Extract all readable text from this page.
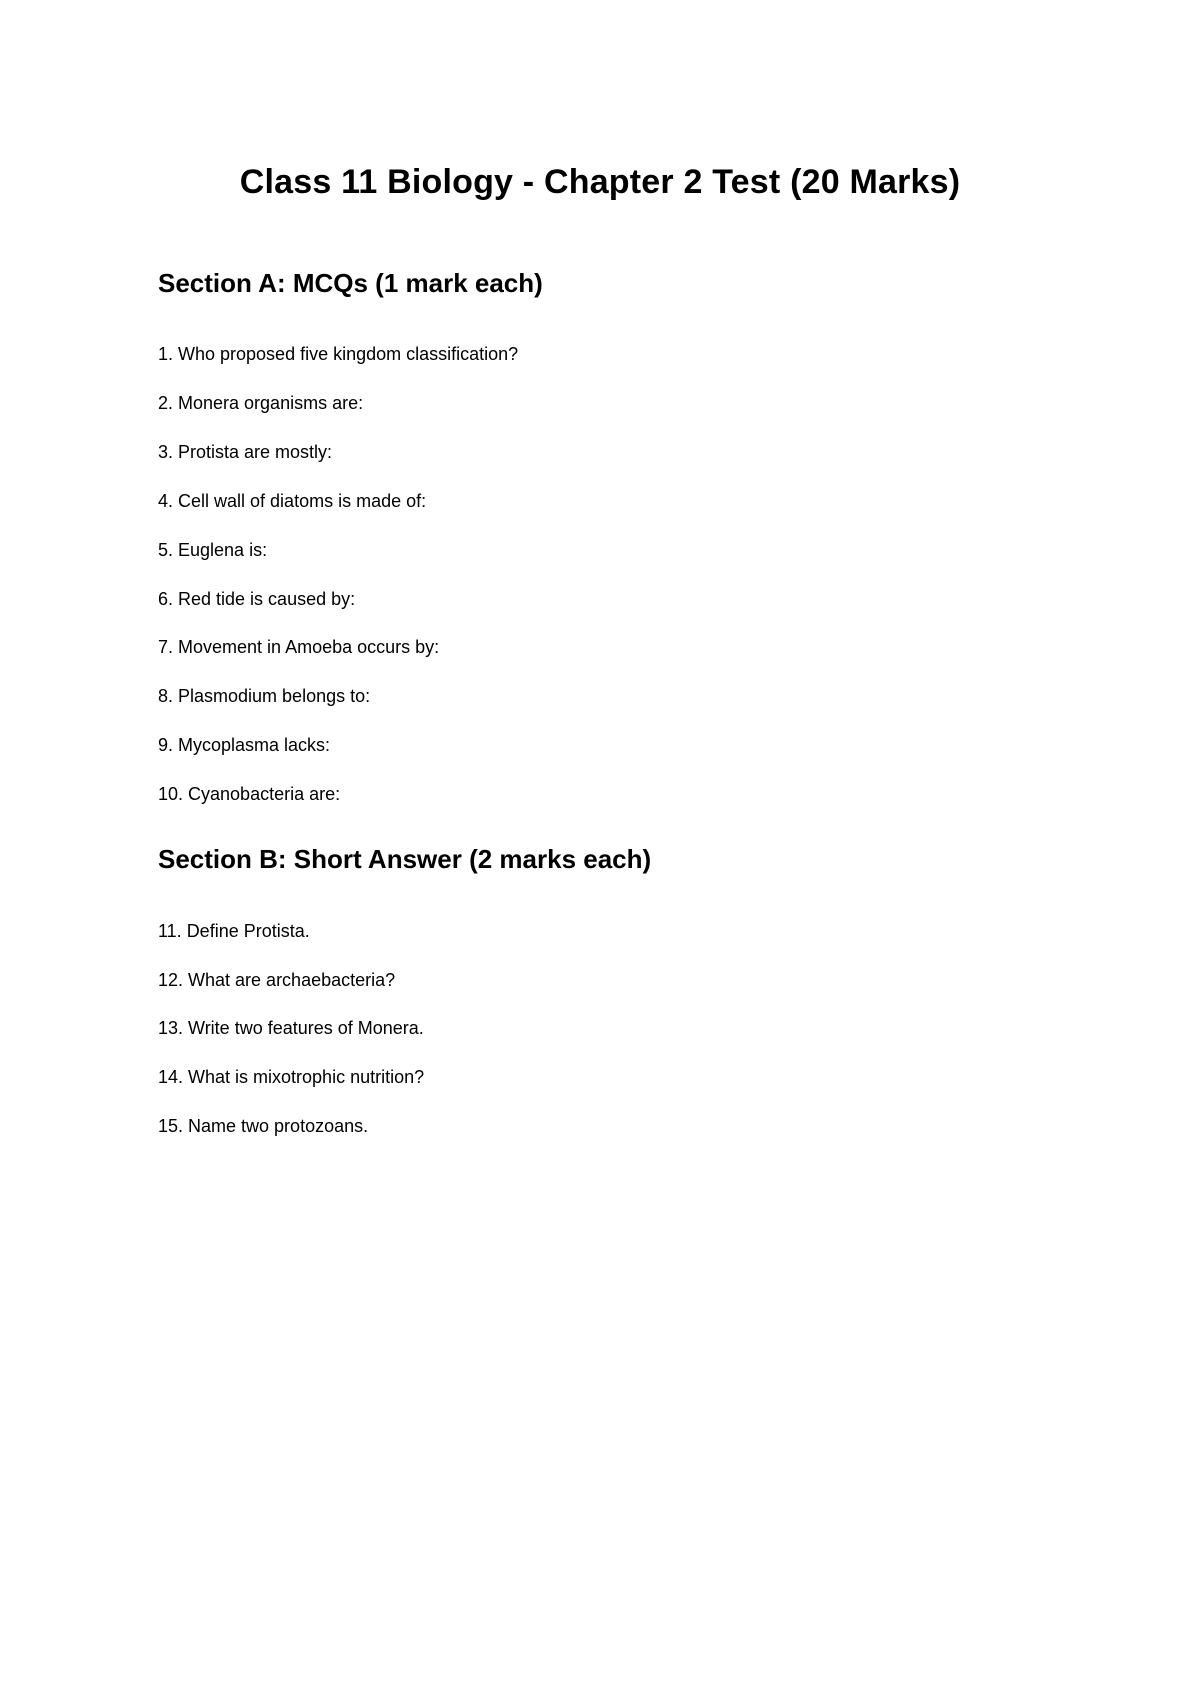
Class 11 Biology - Chapter 2 Test (20 Marks)
Section A: MCQs (1 mark each)

1. Who proposed five kingdom classification?

2. Monera organisms are:

3. Protista are mostly:

4. Cell wall of diatoms is made of:

5. Euglena is:

6. Red tide is caused by:

7. Movement in Amoeba occurs by:

8. Plasmodium belongs to:

9. Mycoplasma lacks:

10. Cyanobacteria are:

Section B: Short Answer (2 marks each)

11. Define Protista.

12. What are archaebacteria?

13. Write two features of Monera.

14. What is mixotrophic nutrition?

15. Name two protozoans.
